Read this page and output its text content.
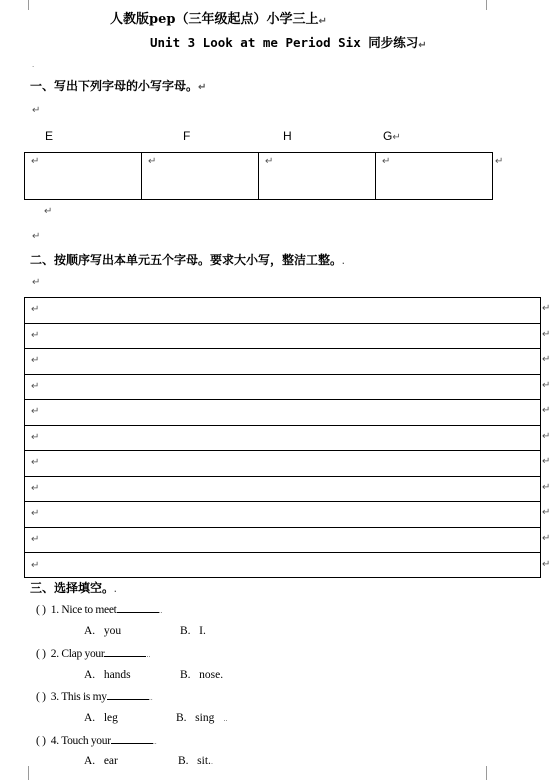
人教版pep（三年级起点）小学三上↵
Unit 3 Look at me Period Six 同步练习↵
.
一、写出下列字母的小写字母。↵
↵
E	F	H	G↵
↵	↵	↵	↵	↵
↵
↵
二、按顺序写出本单元五个字母。要求大小写，整洁工整。.
↵
↵
↵
↵
↵
↵
↵
↵
↵
↵
↵
↵
三、选择填空。.
( ) 1. Nice to meet	..
A. you	B. I.
( ) 2. Clap your	..
A. hands	B. nose.
( ) 3. This is my	..
A. leg	B. sing    ..
( ) 4. Touch your	..
A. ear	B. sit..
↵
↵
↵
↵
↵
↵
↵
↵
↵
↵
↵
